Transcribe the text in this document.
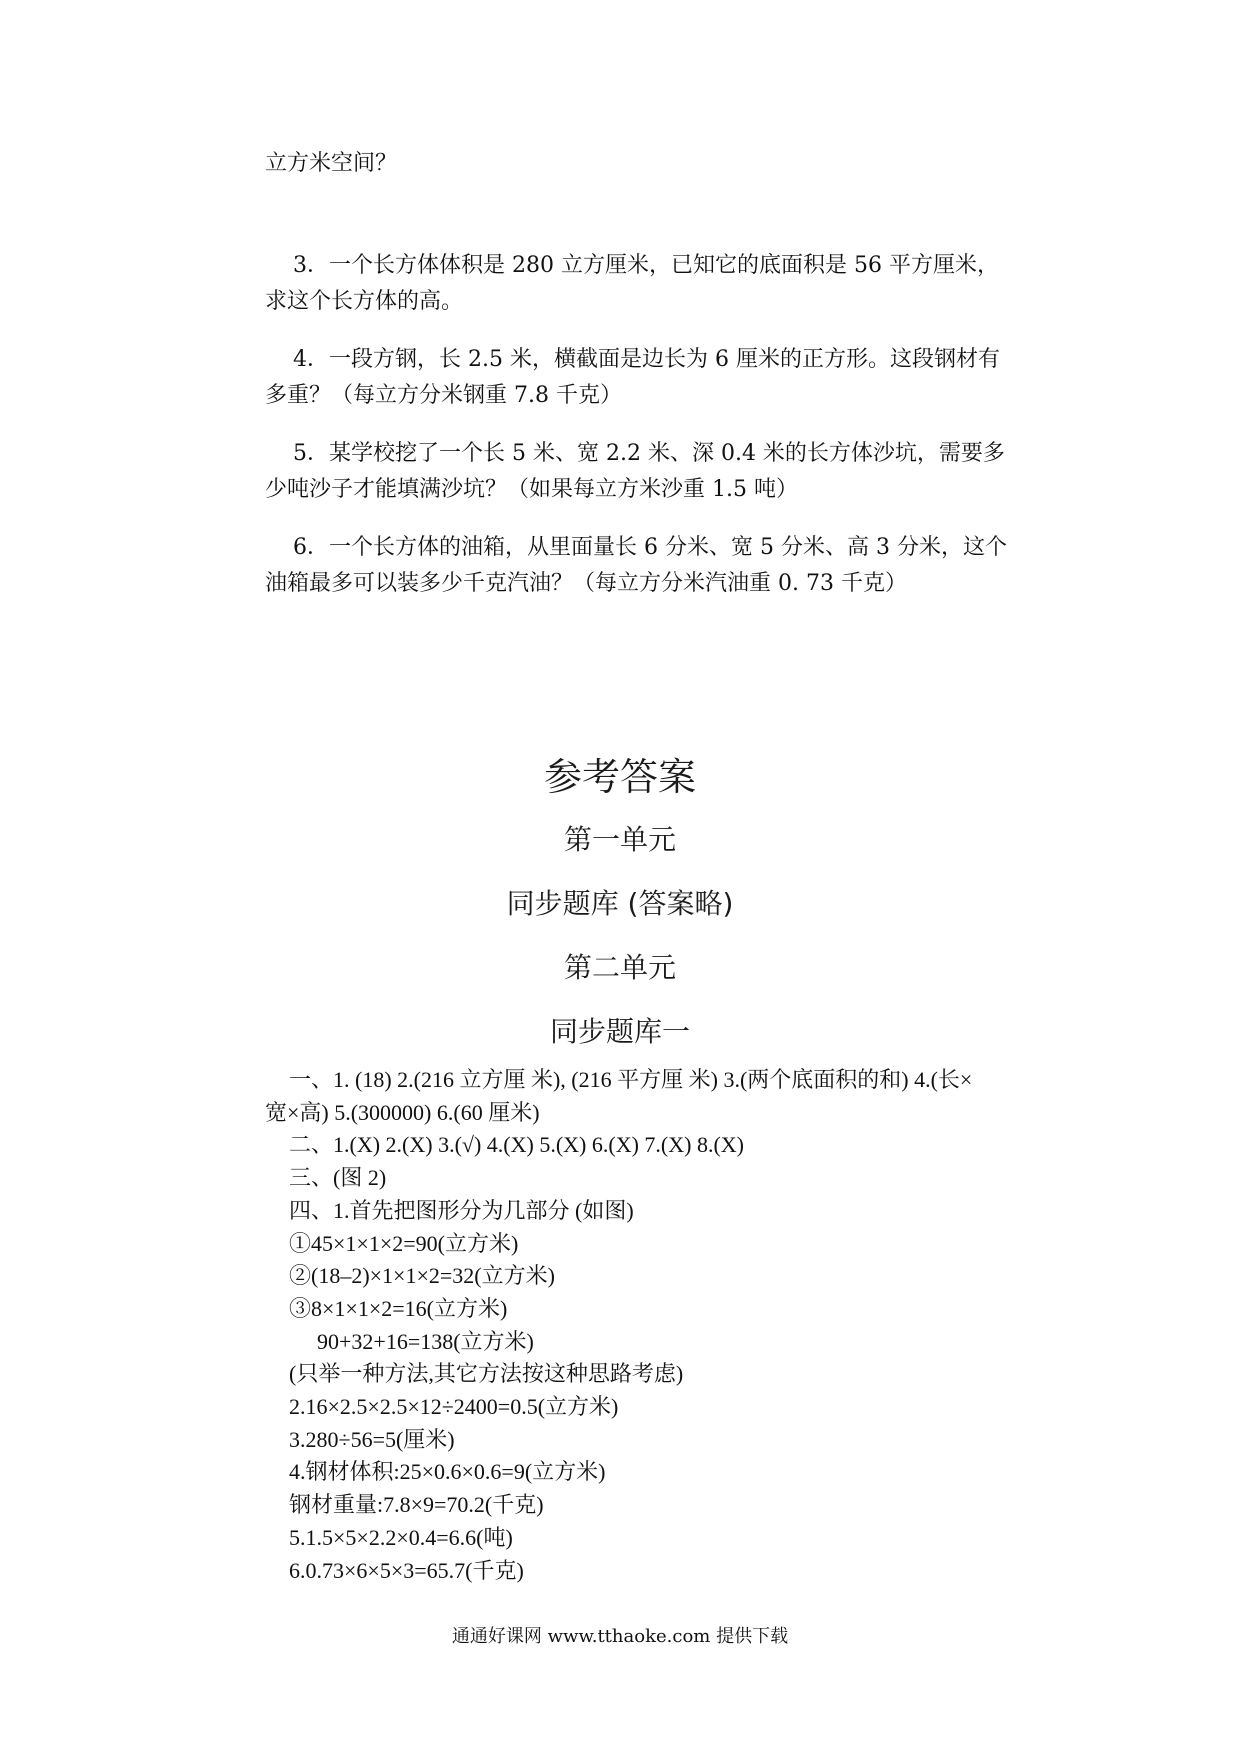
立方米空间？
3．一个长方体体积是 280 立方厘米，已知它的底面积是 56 平方厘米，
求这个长方体的高。
4．一段方钢，长 2.5 米，横截面是边长为 6 厘米的正方形。这段钢材有
多重？（每立方分米钢重 7.8 千克）
5．某学校挖了一个长 5 米、宽 2.2 米、深 0.4 米的长方体沙坑，需要多
少吨沙子才能填满沙坑？（如果每立方米沙重 1.5 吨）
6．一个长方体的油箱，从里面量长 6 分米、宽 5 分米、高 3 分米，这个
油箱最多可以装多少千克汽油？（每立方分米汽油重 0. 73 千克）
参考答案
第一单元
同步题库 (答案略)
第二单元
同步题库一
一、1. (18) 2.(216 立方厘 米), (216 平方厘 米) 3.(两个底面积的和) 4.(长×
宽×高) 5.(300000) 6.(60 厘米)
二、1.(X) 2.(X) 3.(√) 4.(X) 5.(X) 6.(X) 7.(X) 8.(X)
三、(图 2)
四、1.首先把图形分为几部分 (如图)
①45×1×1×2=90(立方米)
②(18–2)×1×1×2=32(立方米)
③8×1×1×2=16(立方米)
90+32+16=138(立方米)
(只举一种方法,其它方法按这种思路考虑)
2.16×2.5×2.5×12÷2400=0.5(立方米)
3.280÷56=5(厘米)
4.钢材体积:25×0.6×0.6=9(立方米)
钢材重量:7.8×9=70.2(千克)
5.1.5×5×2.2×0.4=6.6(吨)
6.0.73×6×5×3=65.7(千克)
通通好课网 www.tthaoke.com 提供下载
